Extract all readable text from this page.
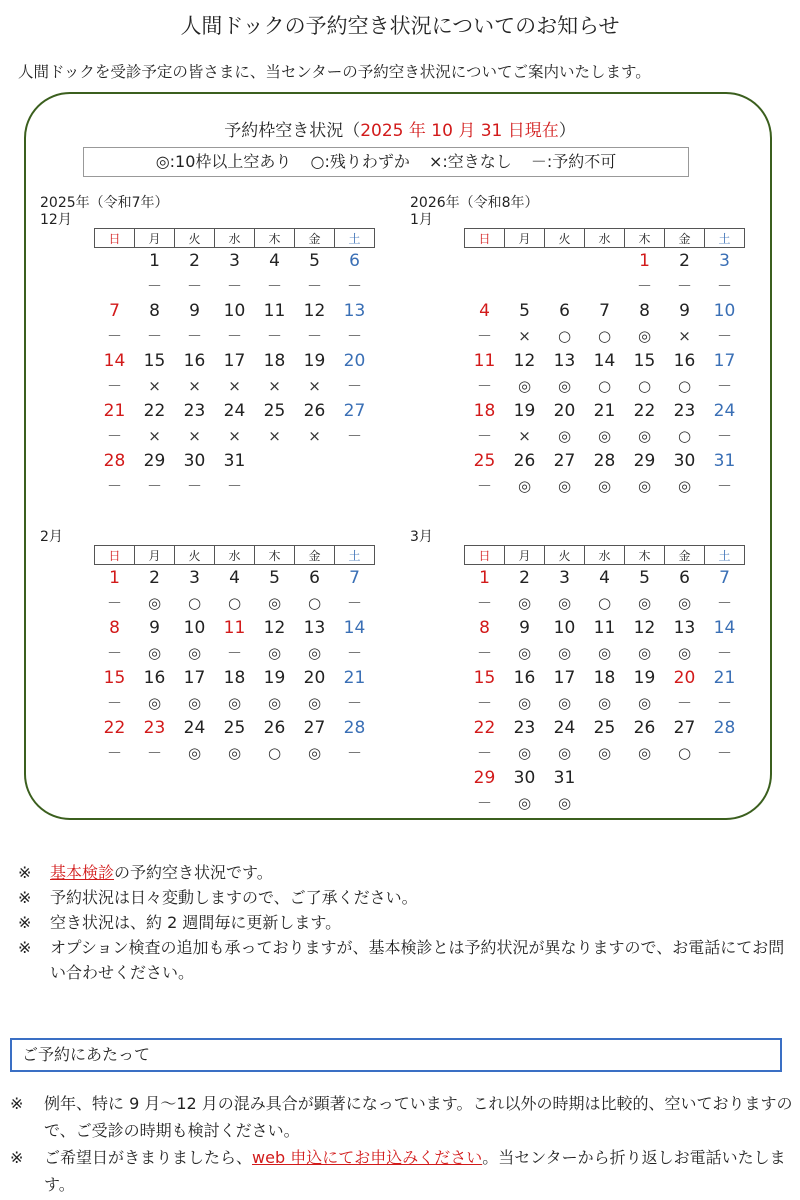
人間ドックの予約空き状況についてのお知らせ
人間ドックを受診予定の皆さまに、当センターの予約空き状況についてご案内いたします。
予約枠空き状況（2025 年 10 月 31 日現在）
◎:10枠以上空あり ○:残りわずか ×:空きなし －:予約不可
2025年（令和7年）
12月
日	月	火	水	木	金	土
	1	2	3	4	5	6
	－	－	－	－	－	－
7	8	9	10	11	12	13
－	－	－	－	－	－	－
14	15	16	17	18	19	20
－	×	×	×	×	×	－
21	22	23	24	25	26	27
－	×	×	×	×	×	－
28	29	30	31			
－	－	－	－			
2026年（令和8年）
1月
日	月	火	水	木	金	土
				1	2	3
				－	－	－
4	5	6	7	8	9	10
－	×	○	○	◎	×	－
11	12	13	14	15	16	17
－	◎	◎	○	○	○	－
18	19	20	21	22	23	24
－	×	◎	◎	◎	○	－
25	26	27	28	29	30	31
－	◎	◎	◎	◎	◎	－
2月
日	月	火	水	木	金	土
1	2	3	4	5	6	7
－	◎	○	○	◎	○	－
8	9	10	11	12	13	14
－	◎	◎	－	◎	◎	－
15	16	17	18	19	20	21
－	◎	◎	◎	◎	◎	－
22	23	24	25	26	27	28
－	－	◎	◎	○	◎	－
3月
日	月	火	水	木	金	土
1	2	3	4	5	6	7
－	◎	◎	○	◎	◎	－
8	9	10	11	12	13	14
－	◎	◎	◎	◎	◎	－
15	16	17	18	19	20	21
－	◎	◎	◎	◎	－	－
22	23	24	25	26	27	28
－	◎	◎	◎	◎	○	－
29	30	31				
－	◎	◎				
※	基本検診の予約空き状況です。
※	予約状況は日々変動しますので、ご了承ください。
※	空き状況は、約 2 週間毎に更新します。
※	オプション検査の追加も承っておりますが、基本検診とは予約状況が異なりますので、お電話にてお問い合わせください。
ご予約にあたって
※	例年、特に 9 月～12 月の混み具合が顕著になっています。これ以外の時期は比較的、空いておりますので、ご受診の時期も検討ください。
※	ご希望日がきまりましたら、web 申込にてお申込みください。当センターから折り返しお電話いたします。
